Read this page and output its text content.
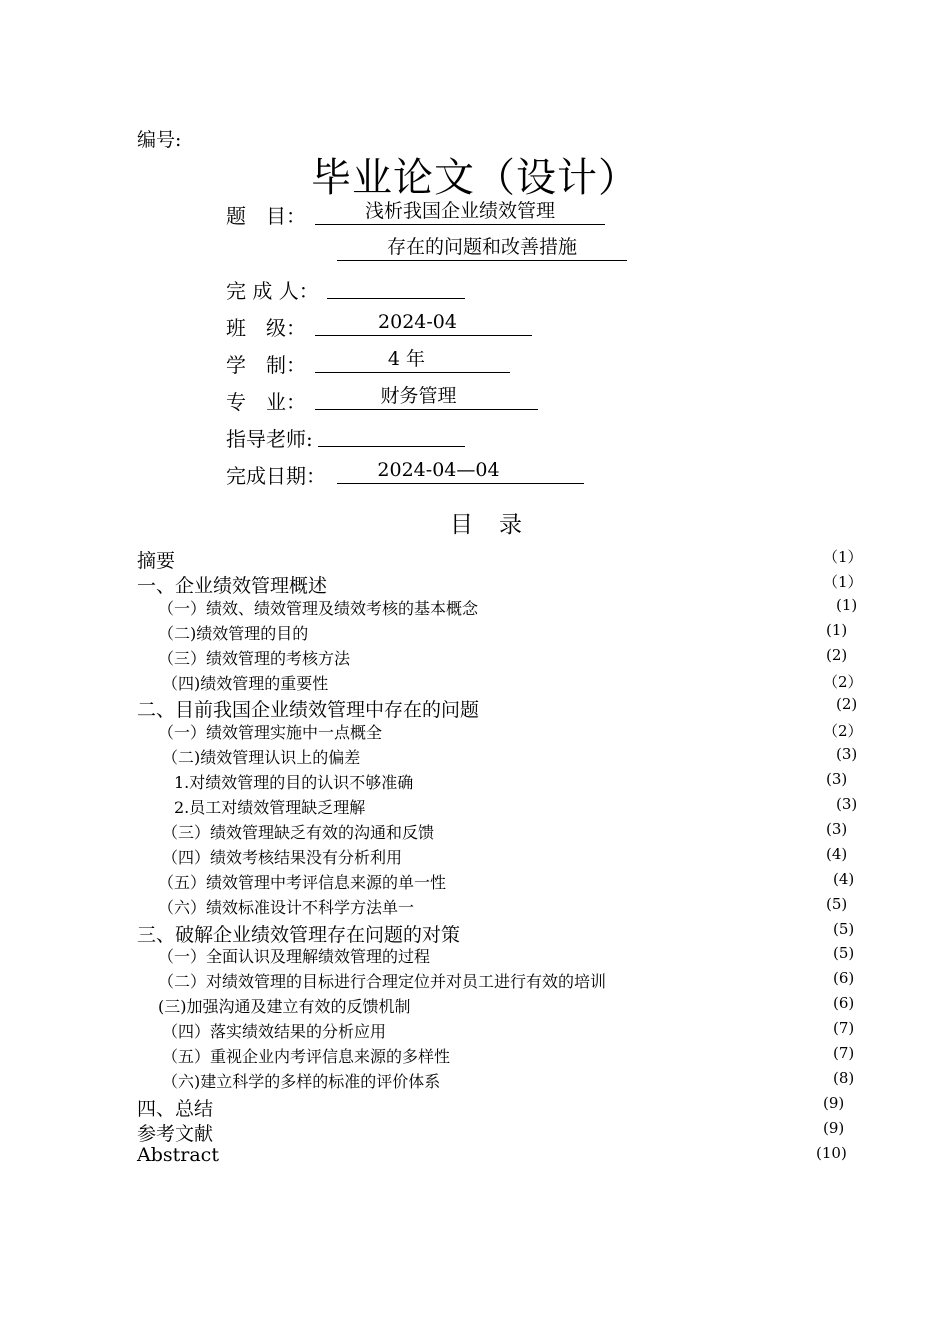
编号:
毕业论文（设计）
题　目：	浅析我国企业绩效管理
存在的问题和改善措施
完 成 人：
班　级：	2024-04
学　制：	4 年
专　业：	财务管理
指导老师:
完成日期：	2024-04—04
目录
摘要	（1）
一、企业绩效管理概述	（1）
（一）绩效、绩效管理及绩效考核的基本概念	(1)
（二)绩效管理的目的	(1)
（三）绩效管理的考核方法	(2)
（四)绩效管理的重要性	（2）
二、目前我国企业绩效管理中存在的问题	(2)
（一）绩效管理实施中一点概全	（2）
（二)绩效管理认识上的偏差	(3)
1.对绩效管理的目的认识不够准确	(3)
2.员工对绩效管理缺乏理解	(3)
（三）绩效管理缺乏有效的沟通和反馈	(3)
（四）绩效考核结果没有分析利用	(4)
（五）绩效管理中考评信息来源的单一性	(4)
（六）绩效标准设计不科学方法单一	(5)
三、破解企业绩效管理存在问题的对策	(5)
（一）全面认识及理解绩效管理的过程	(5)
（二）对绩效管理的目标进行合理定位并对员工进行有效的培训	(6)
(三)加强沟通及建立有效的反馈机制	(6)
（四）落实绩效结果的分析应用	(7)
（五）重视企业内考评信息来源的多样性	(7)
（六)建立科学的多样的标准的评价体系	(8)
四、总结	(9)
参考文献	(9)
Abstract	(10)
